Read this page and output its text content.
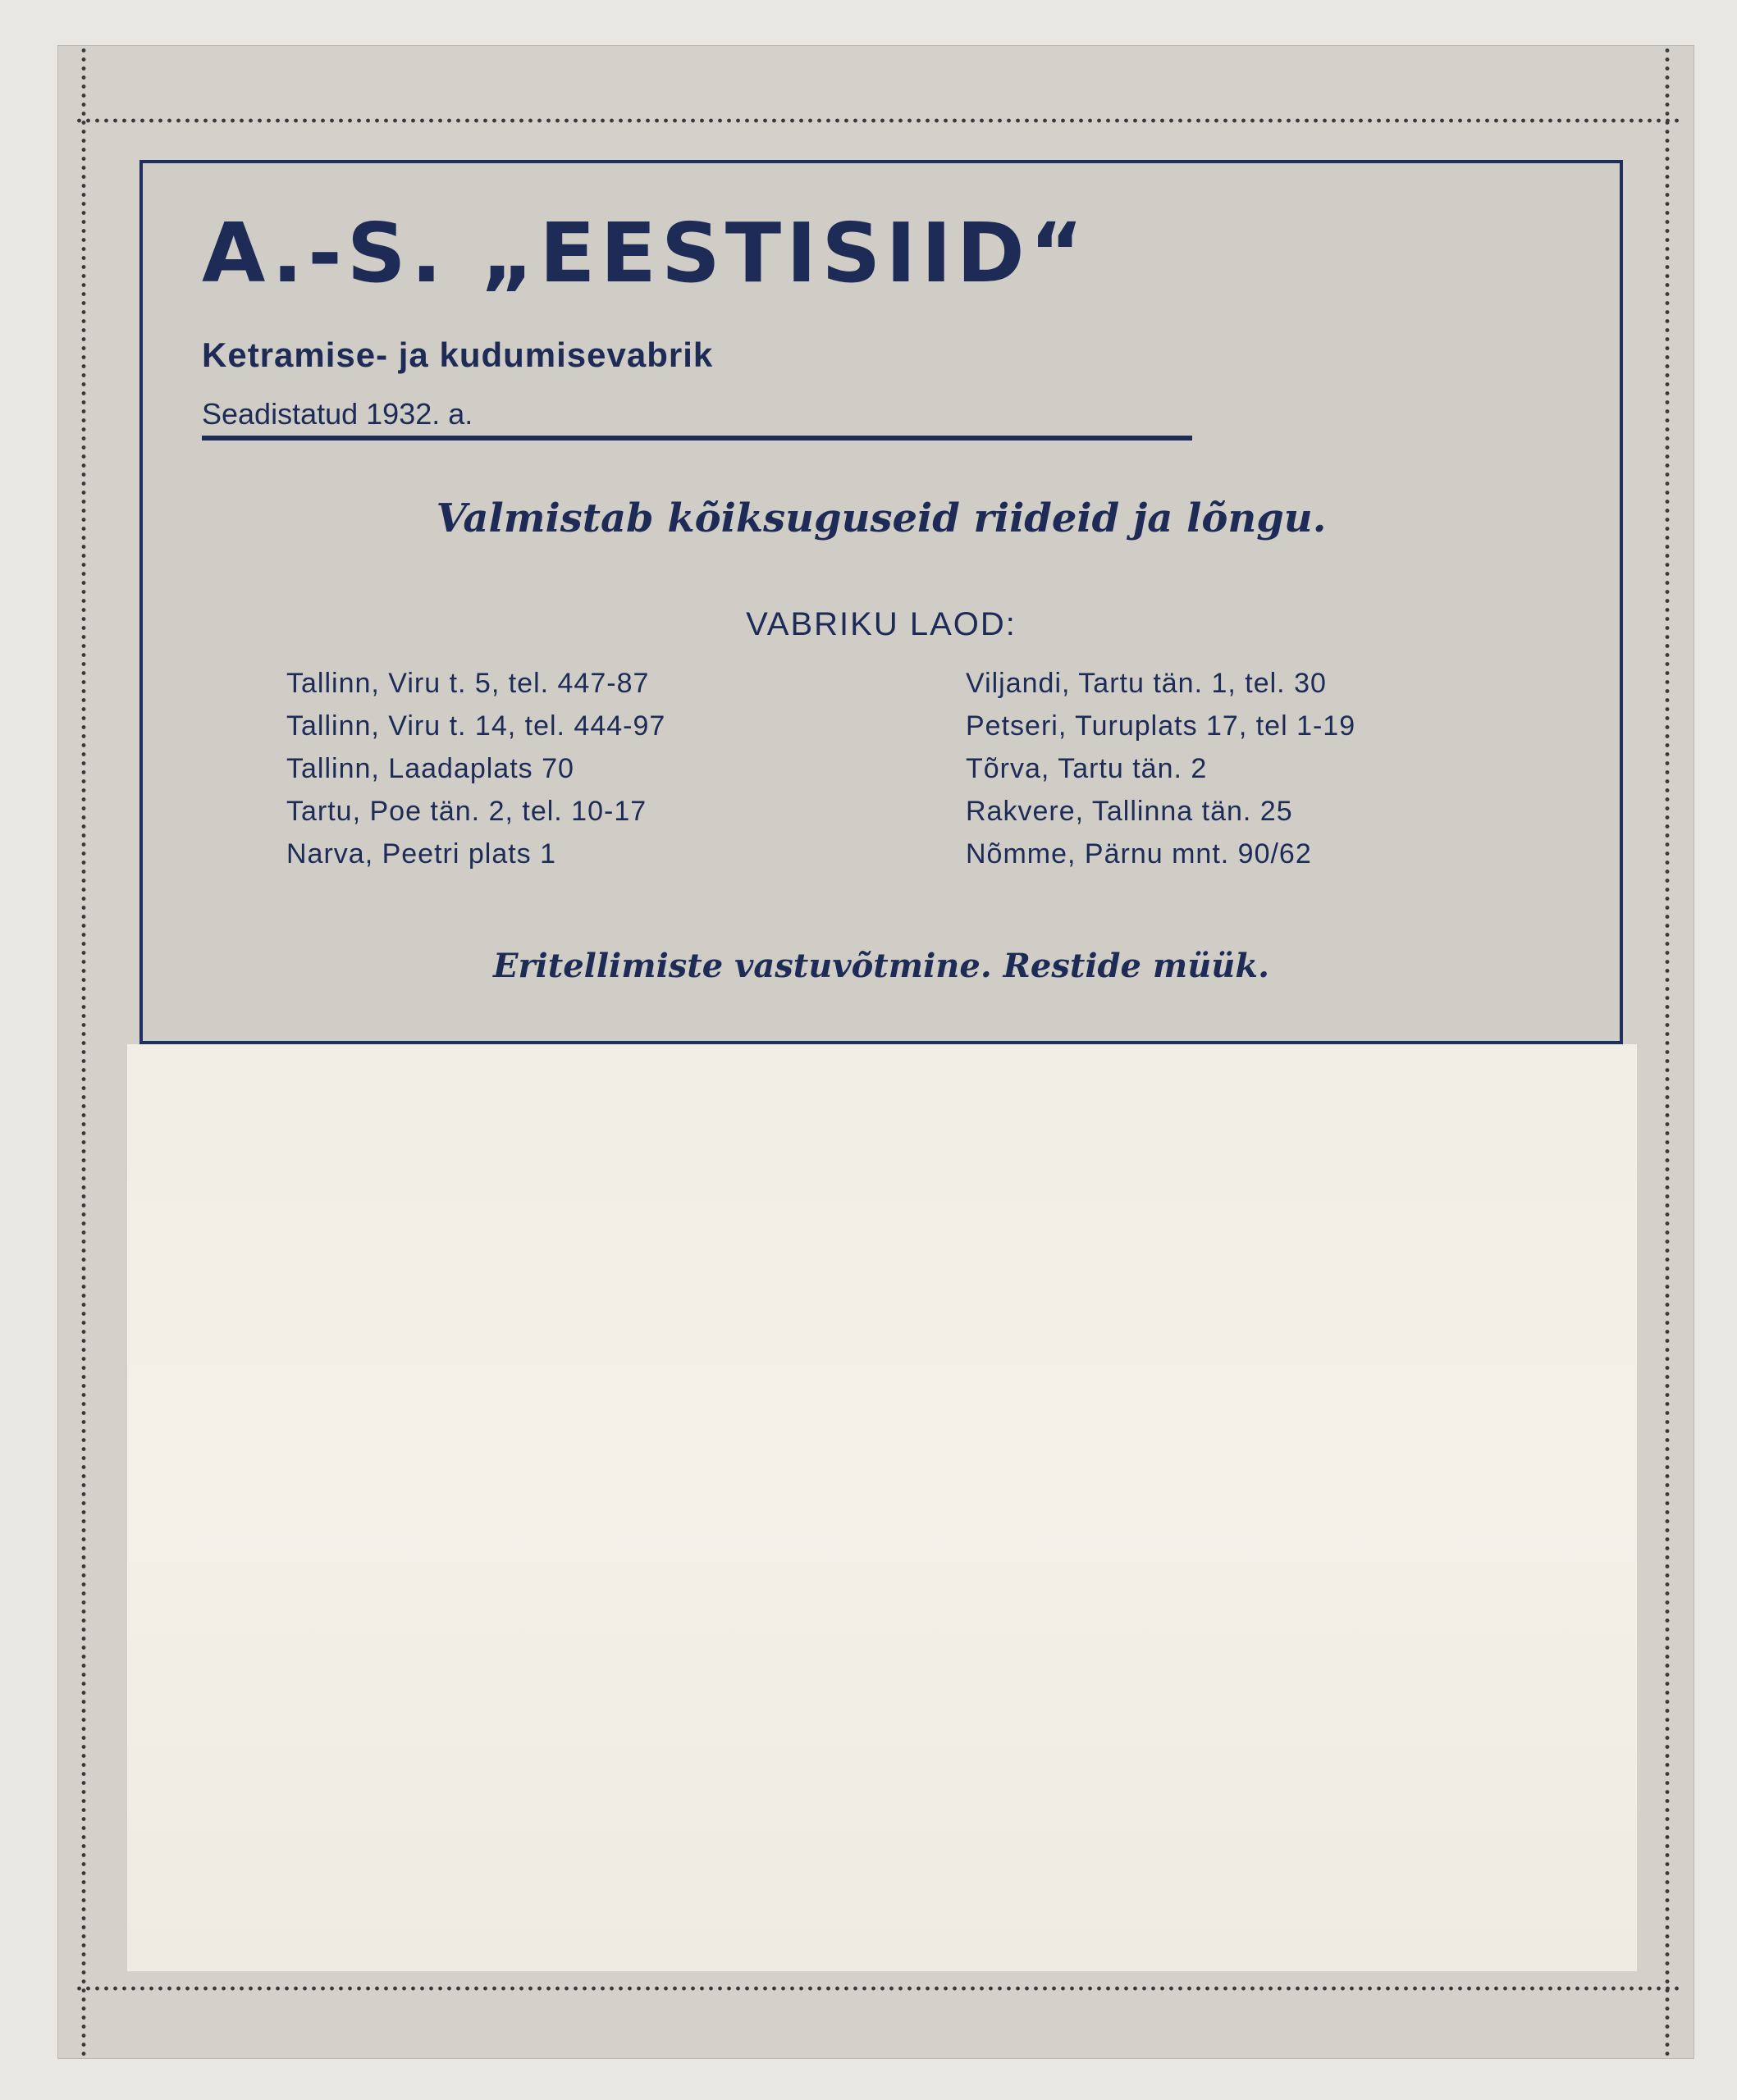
A.-S. „EESTISIID“

Ketramise- ja kudumisevabrik

Seadistatud 1932. a.

Valmistab kõiksuguseid riideid ja lõngu.

VABRIKU LAOD:

Tallinn, Viru t. 5, tel. 447-87
Tallinn, Viru t. 14, tel. 444-97
Tallinn, Laadaplats 70
Tartu, Poe tän. 2, tel. 10-17
Narva, Peetri plats 1
Viljandi, Tartu tän. 1, tel. 30
Petseri, Turuplats 17, tel 1-19
Tõrva, Tartu tän. 2
Rakvere, Tallinna tän. 25
Nõmme, Pärnu mnt. 90/62

Eritellimiste vastuvõtmine. Restide müük.
